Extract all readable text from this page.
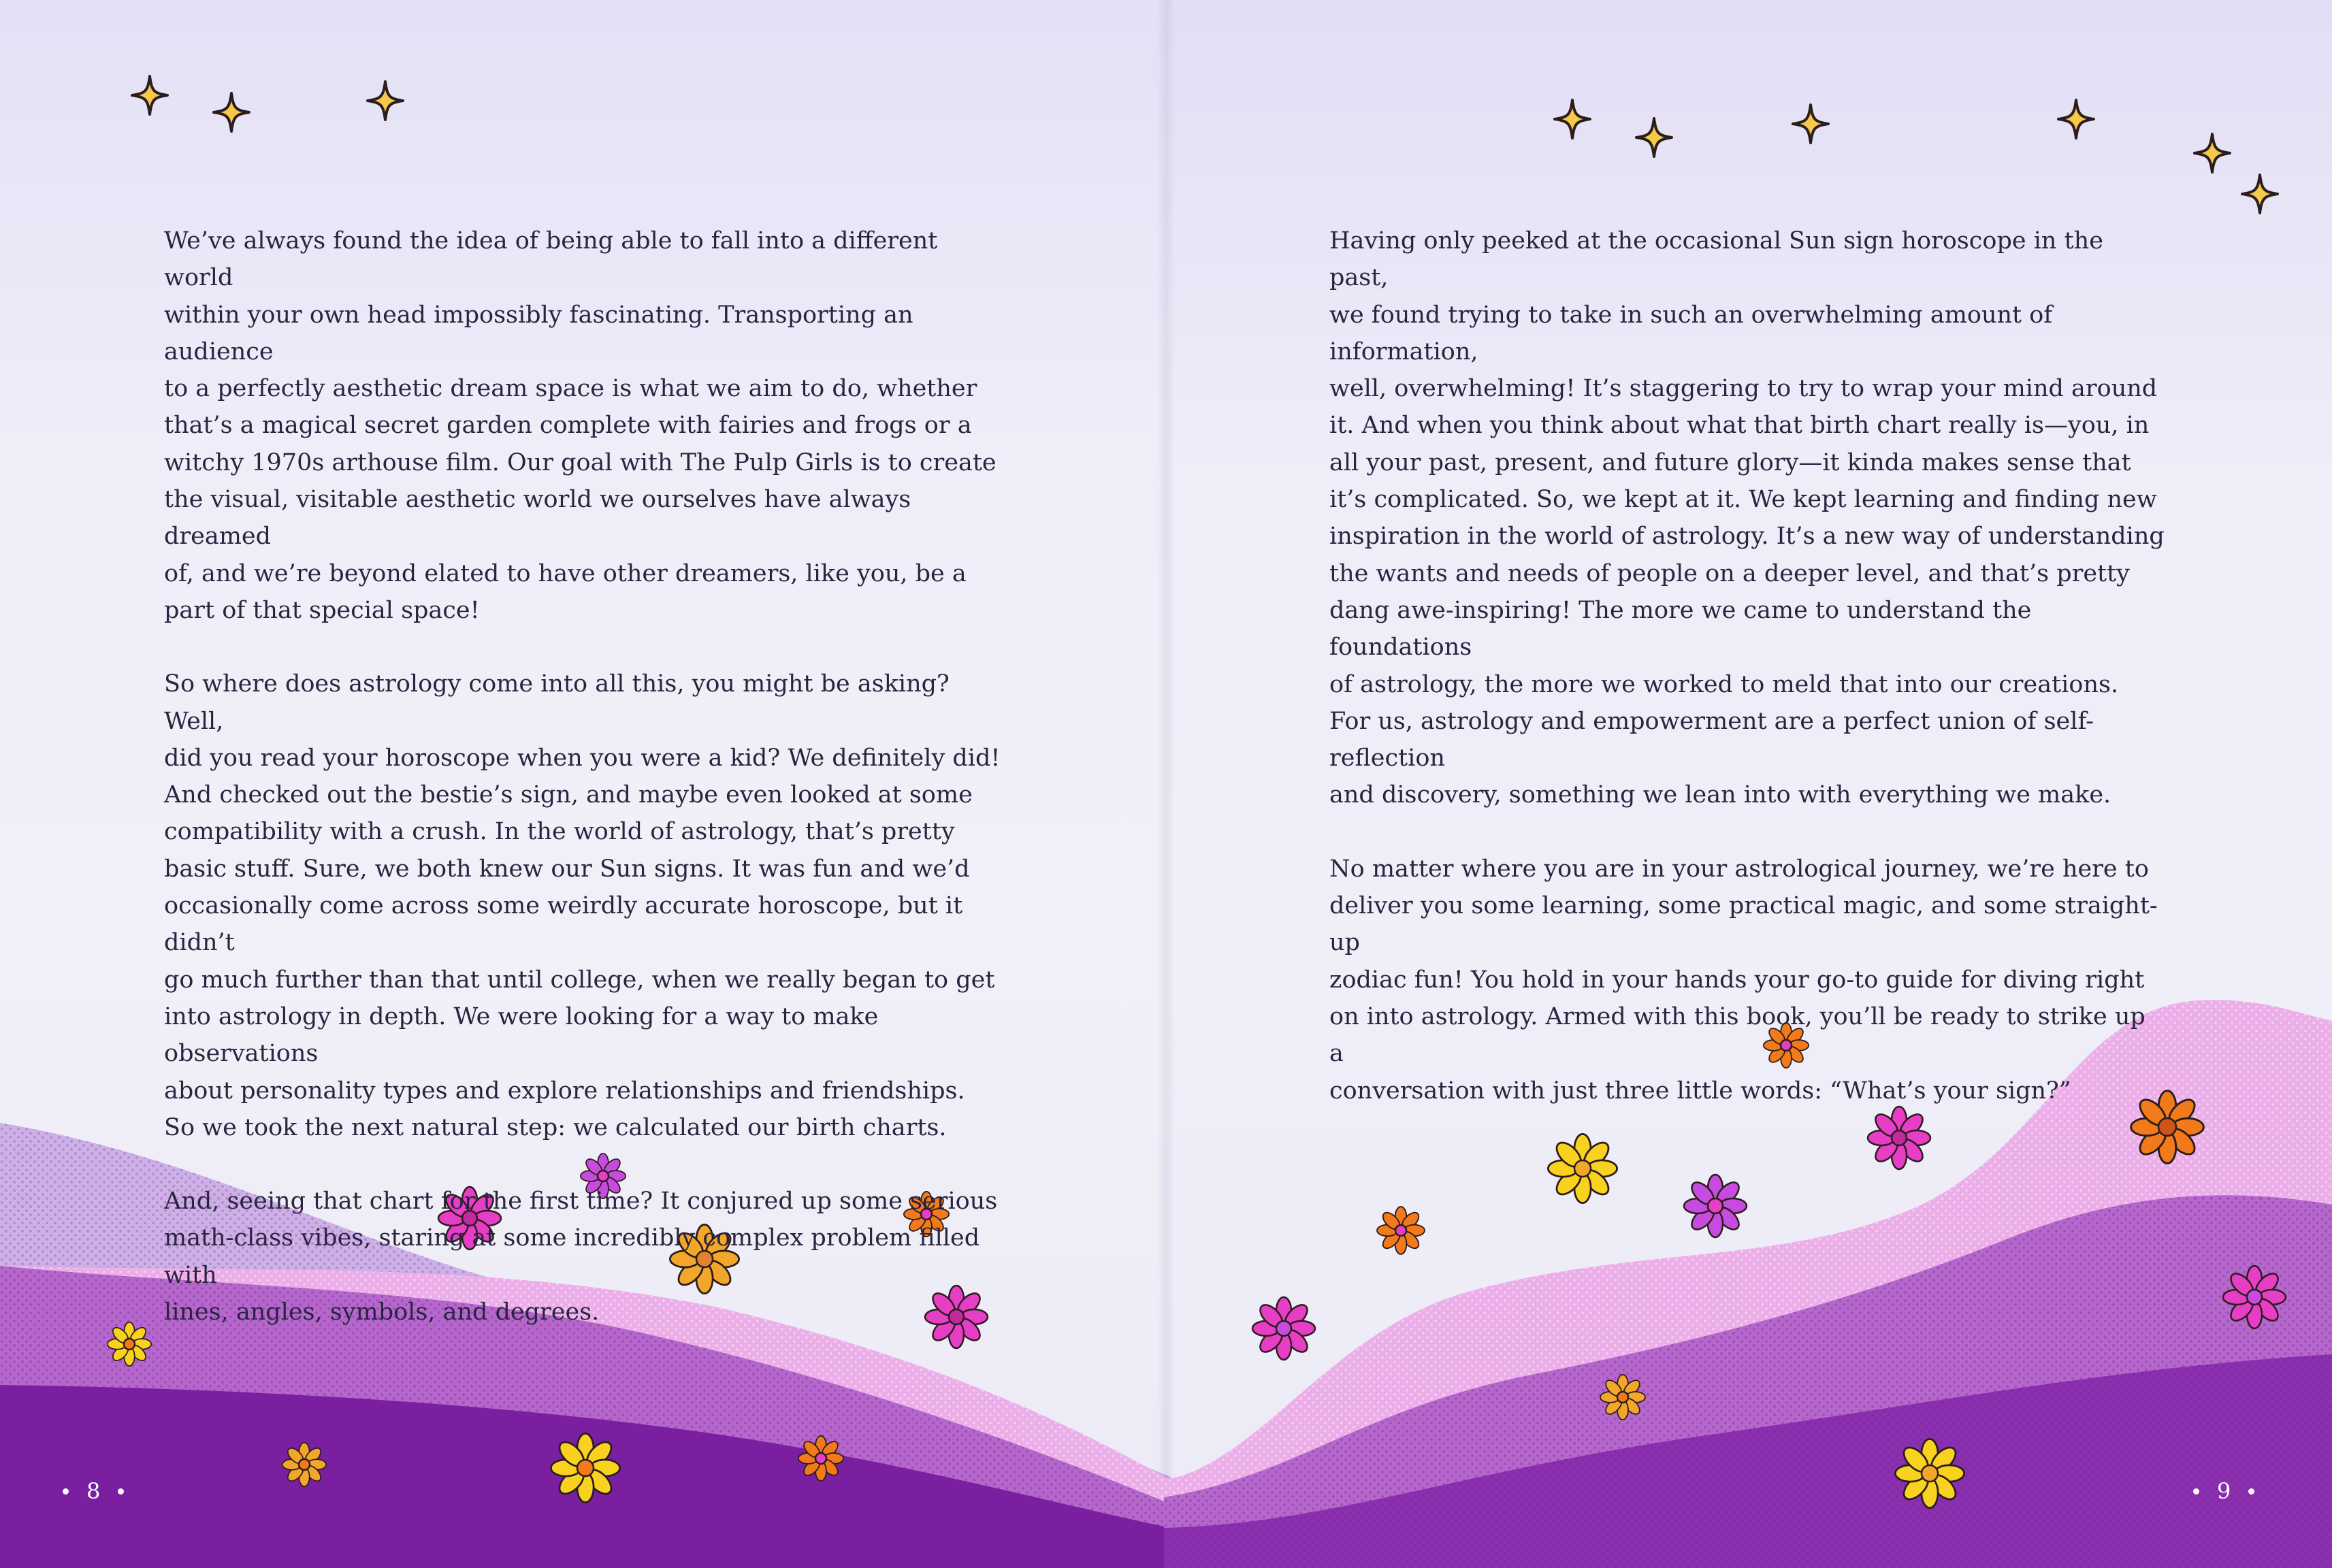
We’ve always found the idea of being able to fall into a different world
within your own head impossibly fascinating. Transporting an audience
to a perfectly aesthetic dream space is what we aim to do, whether
that’s a magical secret garden complete with fairies and frogs or a
witchy 1970s arthouse film. Our goal with The Pulp Girls is to create
the visual, visitable aesthetic world we ourselves have always dreamed
of, and we’re beyond elated to have other dreamers, like you, be a
part of that special space!

So where does astrology come into all this, you might be asking? Well,
did you read your horoscope when you were a kid? We definitely did!
And checked out the bestie’s sign, and maybe even looked at some
compatibility with a crush. In the world of astrology, that’s pretty
basic stuff. Sure, we both knew our Sun signs. It was fun and we’d
occasionally come across some weirdly accurate horoscope, but it didn’t
go much further than that until college, when we really began to get
into astrology in depth. We were looking for a way to make observations
about personality types and explore relationships and friendships.
So we took the next natural step: we calculated our birth charts.

And, seeing that chart for the first time? It conjured up some serious
math-class vibes, staring at some incredibly complex problem filled with
lines, angles, symbols, and degrees.

Having only peeked at the occasional Sun sign horoscope in the past,
we found trying to take in such an overwhelming amount of information,
well, overwhelming! It’s staggering to try to wrap your mind around
it. And when you think about what that birth chart really is—you, in
all your past, present, and future glory—it kinda makes sense that
it’s complicated. So, we kept at it. We kept learning and finding new
inspiration in the world of astrology. It’s a new way of understanding
the wants and needs of people on a deeper level, and that’s pretty
dang awe-inspiring! The more we came to understand the foundations
of astrology, the more we worked to meld that into our creations.
For us, astrology and empowerment are a perfect union of self-reflection
and discovery, something we lean into with everything we make.

No matter where you are in your astrological journey, we’re here to
deliver you some learning, some practical magic, and some straight-up
zodiac fun! You hold in your hands your go-to guide for diving right
on into astrology. Armed with this book, you’ll be ready to strike up a
conversation with just three little words: “What’s your sign?”

8	9
